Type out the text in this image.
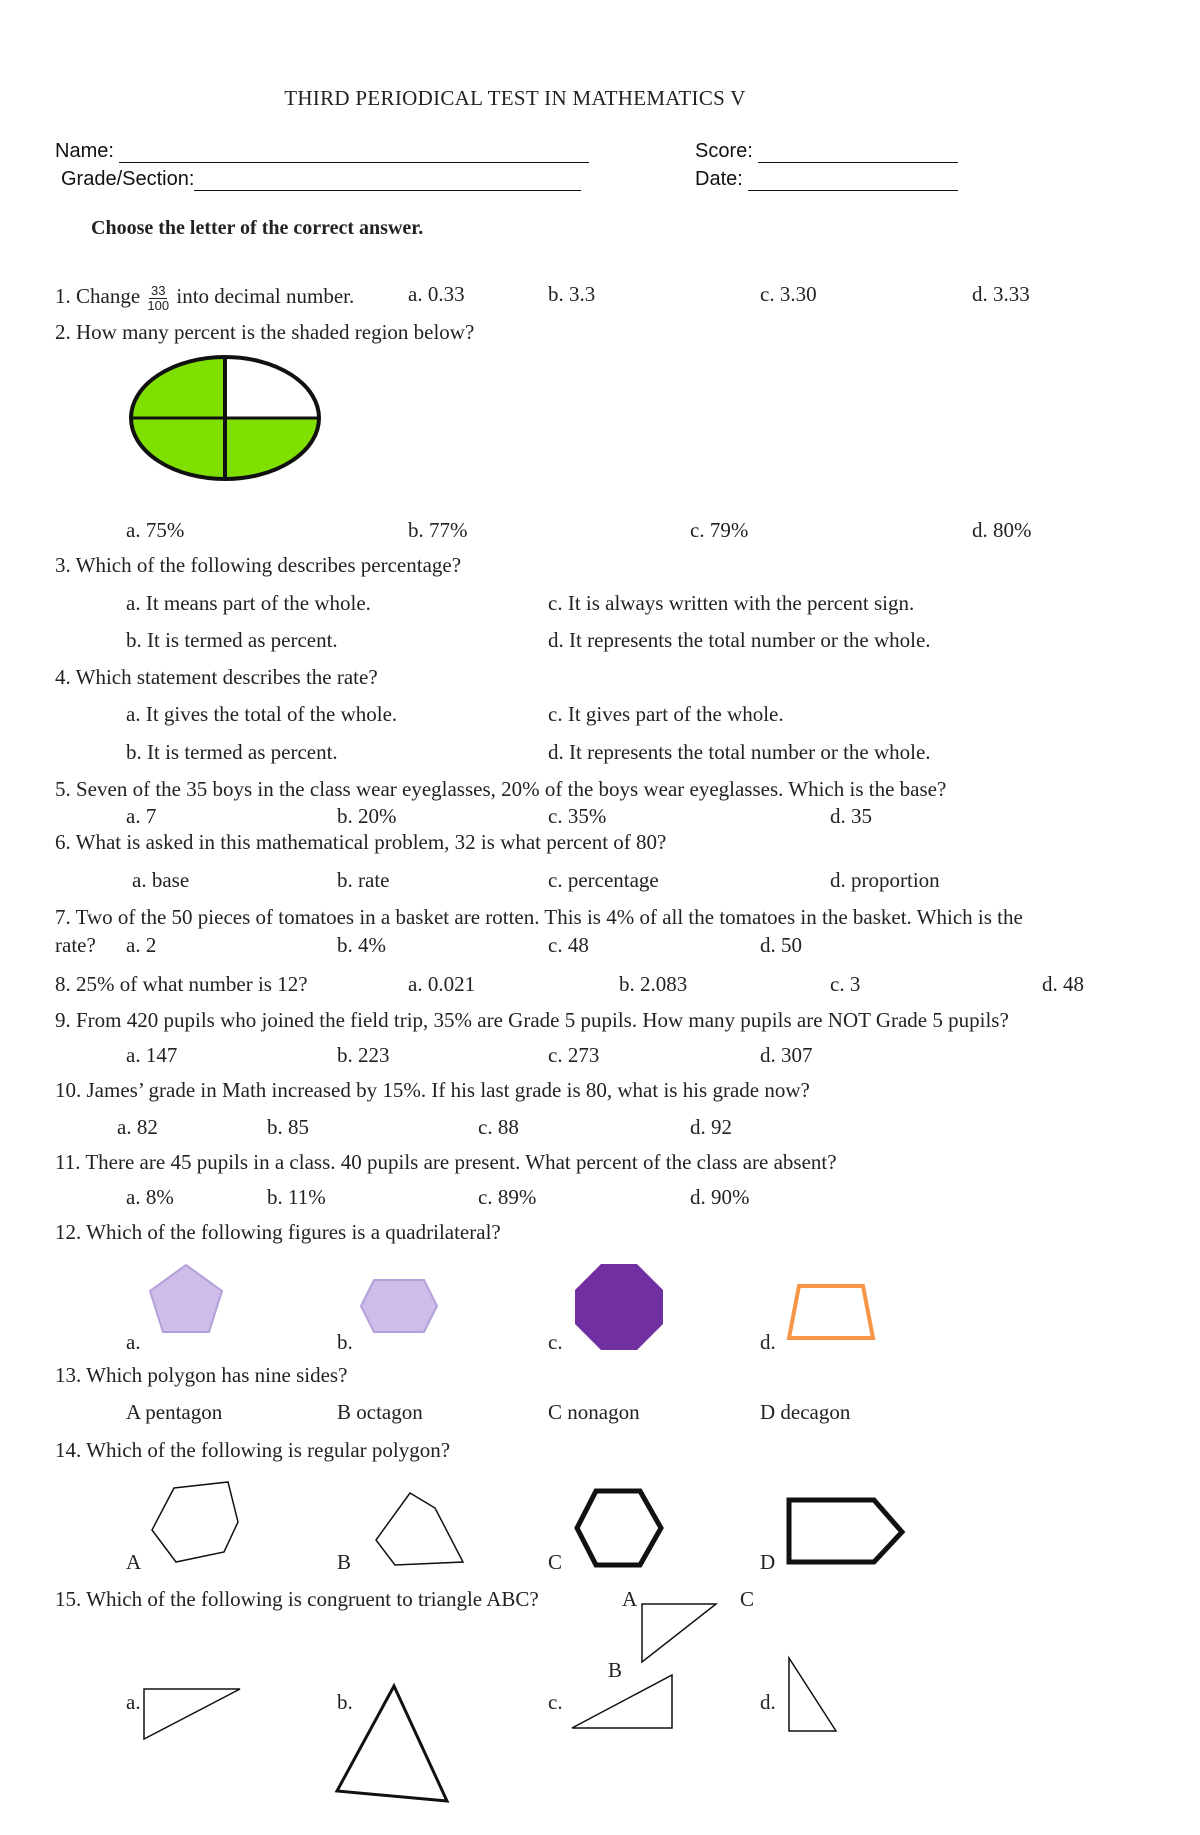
THIRD PERIODICAL TEST IN MATHEMATICS V
Name:	Score:
Grade/Section:	Date:
Choose the letter of the correct answer.
1. Change $\frac{33}{100}$ into decimal number.	a. 0.33	b. 3.3	c. 3.30	d. 3.33
2. How many percent is the shaded region below?
a. 75%	b. 77%	c. 79%	d. 80%
3. Which of the following describes percentage?
a. It means part of the whole.	c. It is always written with the percent sign.
b. It is termed as percent.	d. It represents the total number or the whole.
4. Which statement describes the rate?
a. It gives the total of the whole.	c. It gives part of the whole.
b. It is termed as percent.	d. It represents the total number or the whole.
5. Seven of the 35 boys in the class wear eyeglasses, 20% of the boys wear eyeglasses. Which is the base?
a. 7	b. 20%	c. 35%	d. 35
6. What is asked in this mathematical problem, 32 is what percent of 80?
a. base	b. rate	c. percentage	d. proportion
7. Two of the 50 pieces of tomatoes in a basket are rotten. This is 4% of all the tomatoes in the basket. Which is the
rate? a. 2	b. 4%	c. 48	d. 50
8. 25% of what number is 12?	a. 0.021	b. 2.083	c. 3	d. 48
9. From 420 pupils who joined the field trip, 35% are Grade 5 pupils. How many pupils are NOT Grade 5 pupils?
a. 147	b. 223	c. 273	d. 307
10. James’ grade in Math increased by 15%. If his last grade is 80, what is his grade now?
a. 82	b. 85	c. 88	d. 92
11. There are 45 pupils in a class. 40 pupils are present. What percent of the class are absent?
a. 8%	b. 11%	c. 89%	d. 90%
12. Which of the following figures is a quadrilateral?
a.	b.	c.	d.
13. Which polygon has nine sides?
A pentagon	B octagon	C nonagon	D decagon
14. Which of the following is regular polygon?
A	B	C	D
15. Which of the following is congruent to triangle ABC?	A	C
B
a.	b.	c.	d.
